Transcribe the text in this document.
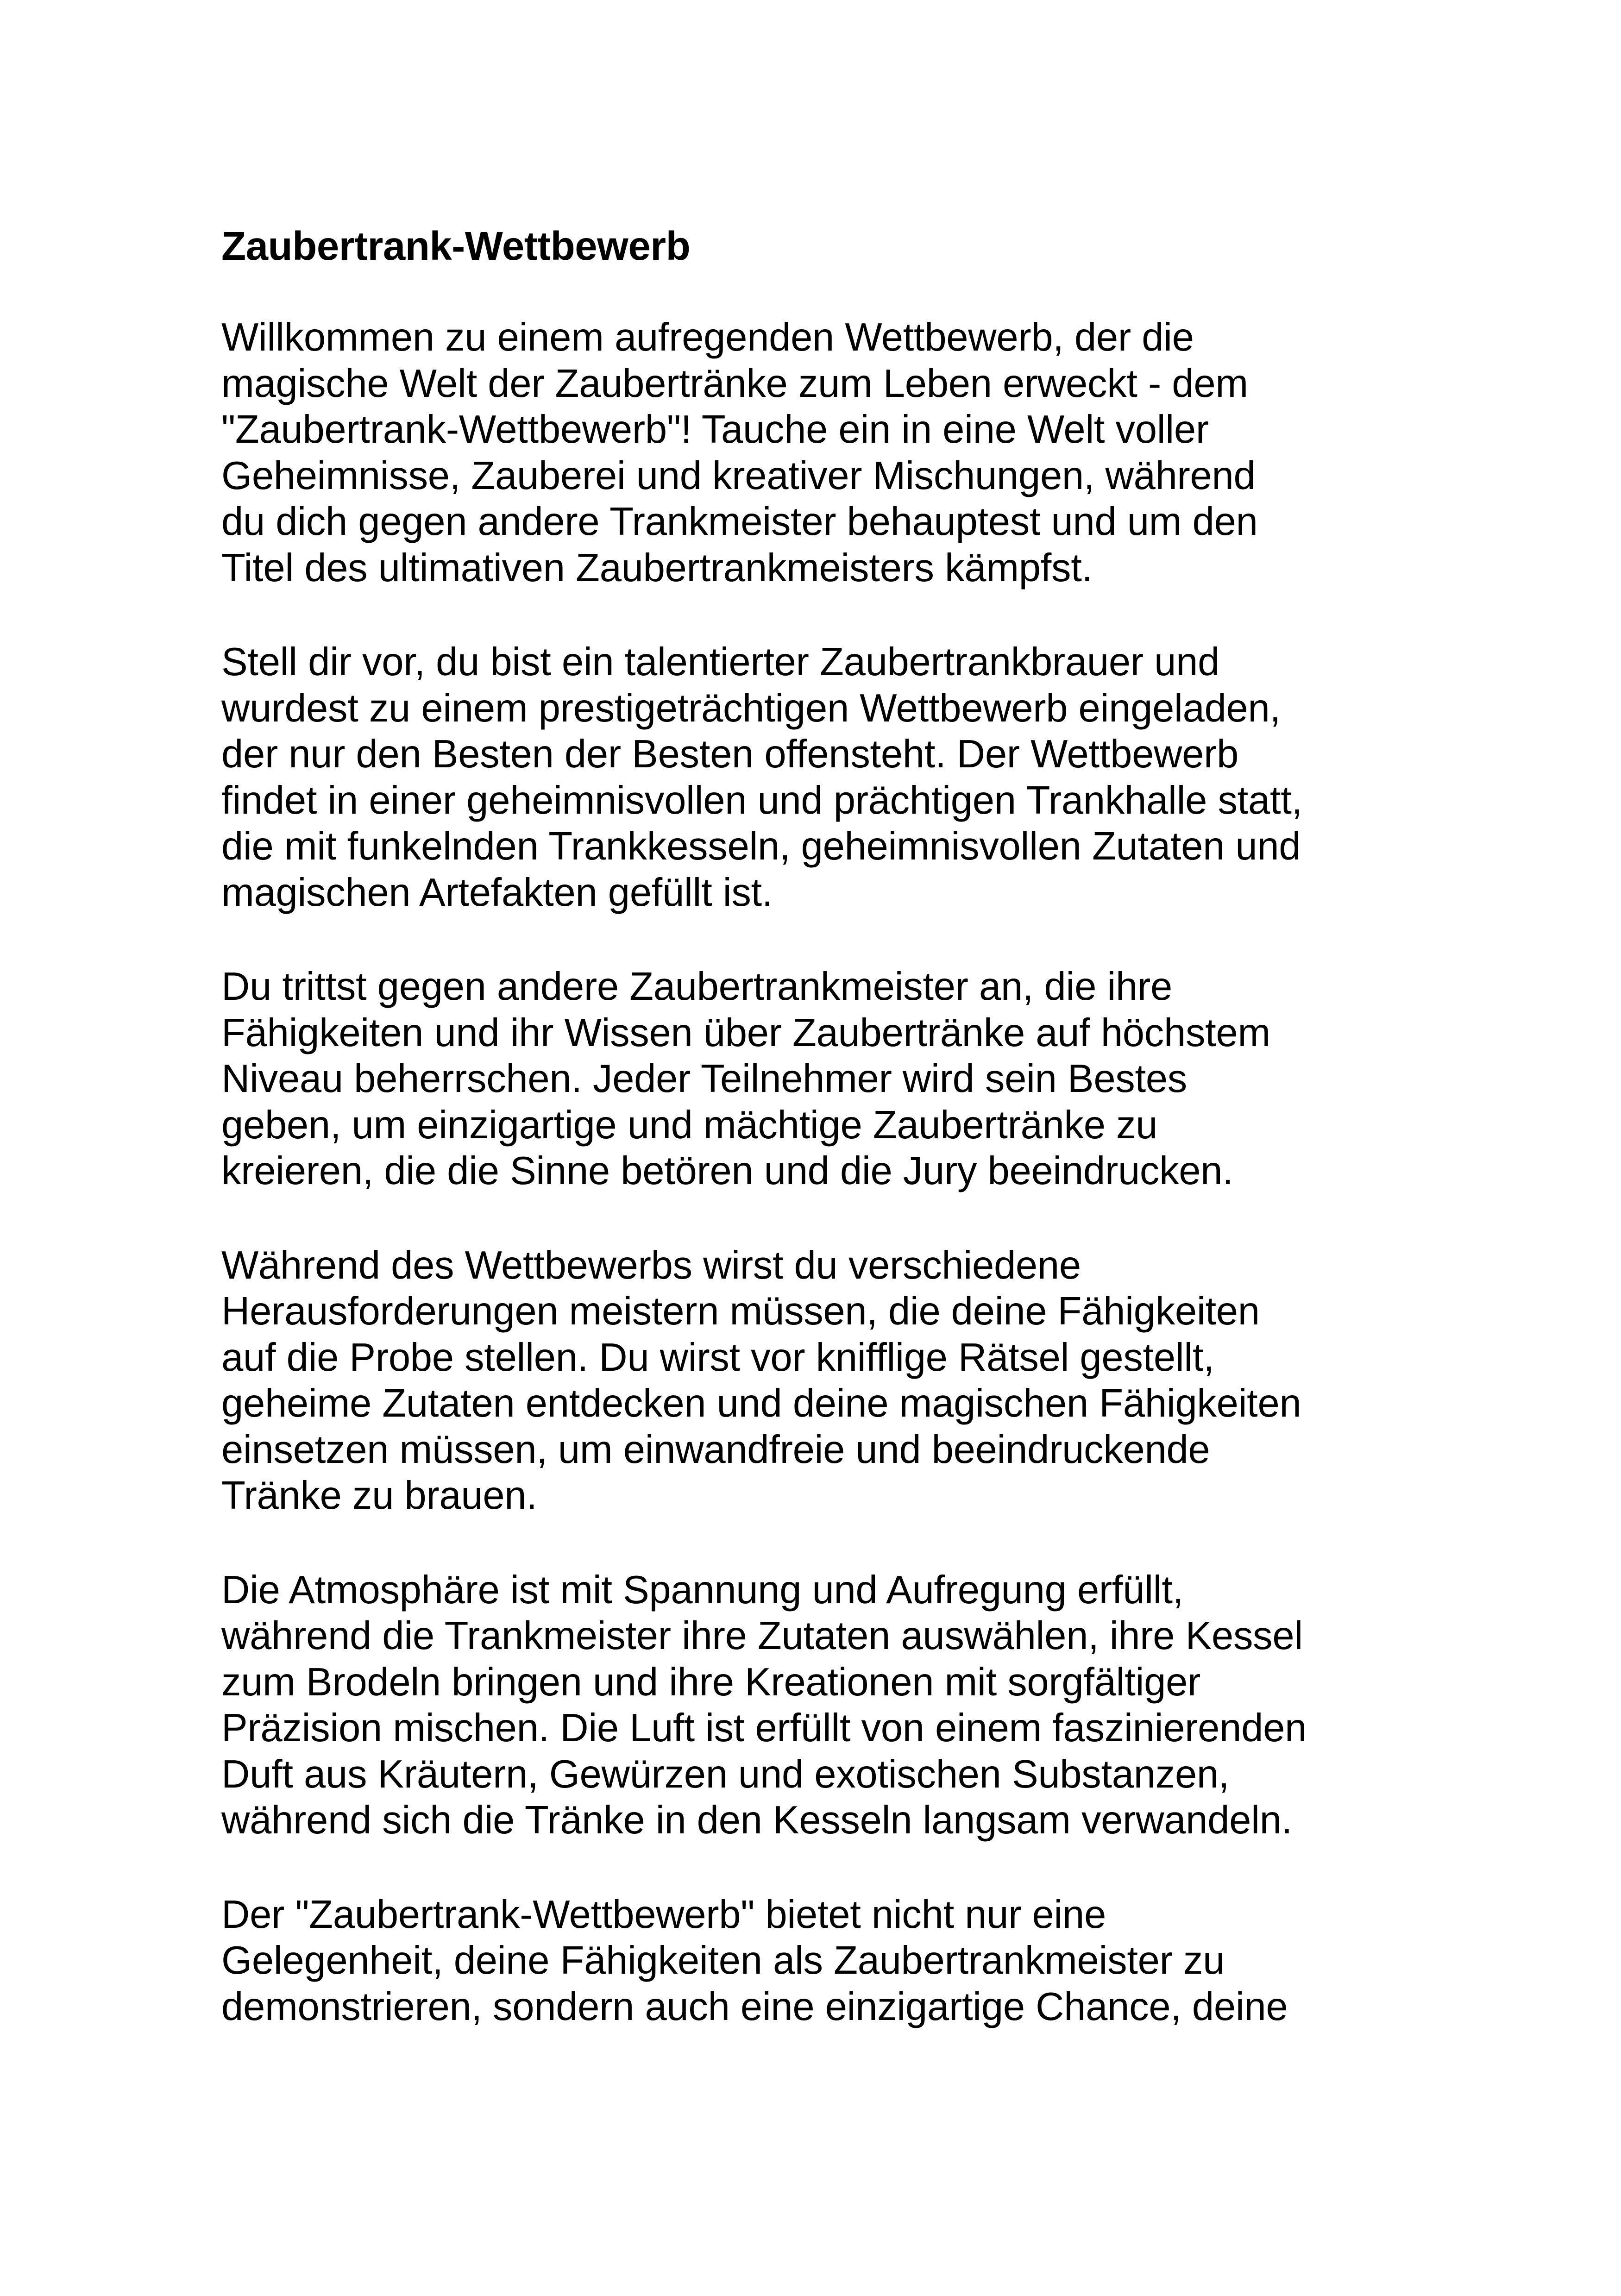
Zaubertrank-Wettbewerb

Willkommen zu einem aufregenden Wettbewerb, der die
magische Welt der Zaubertränke zum Leben erweckt - dem
"Zaubertrank-Wettbewerb"! Tauche ein in eine Welt voller
Geheimnisse, Zauberei und kreativer Mischungen, während
du dich gegen andere Trankmeister behauptest und um den
Titel des ultimativen Zaubertrankmeisters kämpfst.

Stell dir vor, du bist ein talentierter Zaubertrankbrauer und
wurdest zu einem prestigeträchtigen Wettbewerb eingeladen,
der nur den Besten der Besten offensteht. Der Wettbewerb
findet in einer geheimnisvollen und prächtigen Trankhalle statt,
die mit funkelnden Trankkesseln, geheimnisvollen Zutaten und
magischen Artefakten gefüllt ist.

Du trittst gegen andere Zaubertrankmeister an, die ihre
Fähigkeiten und ihr Wissen über Zaubertränke auf höchstem
Niveau beherrschen. Jeder Teilnehmer wird sein Bestes
geben, um einzigartige und mächtige Zaubertränke zu
kreieren, die die Sinne betören und die Jury beeindrucken.

Während des Wettbewerbs wirst du verschiedene
Herausforderungen meistern müssen, die deine Fähigkeiten
auf die Probe stellen. Du wirst vor knifflige Rätsel gestellt,
geheime Zutaten entdecken und deine magischen Fähigkeiten
einsetzen müssen, um einwandfreie und beeindruckende
Tränke zu brauen.

Die Atmosphäre ist mit Spannung und Aufregung erfüllt,
während die Trankmeister ihre Zutaten auswählen, ihre Kessel
zum Brodeln bringen und ihre Kreationen mit sorgfältiger
Präzision mischen. Die Luft ist erfüllt von einem faszinierenden
Duft aus Kräutern, Gewürzen und exotischen Substanzen,
während sich die Tränke in den Kesseln langsam verwandeln.

Der "Zaubertrank-Wettbewerb" bietet nicht nur eine
Gelegenheit, deine Fähigkeiten als Zaubertrankmeister zu
demonstrieren, sondern auch eine einzigartige Chance, deine
